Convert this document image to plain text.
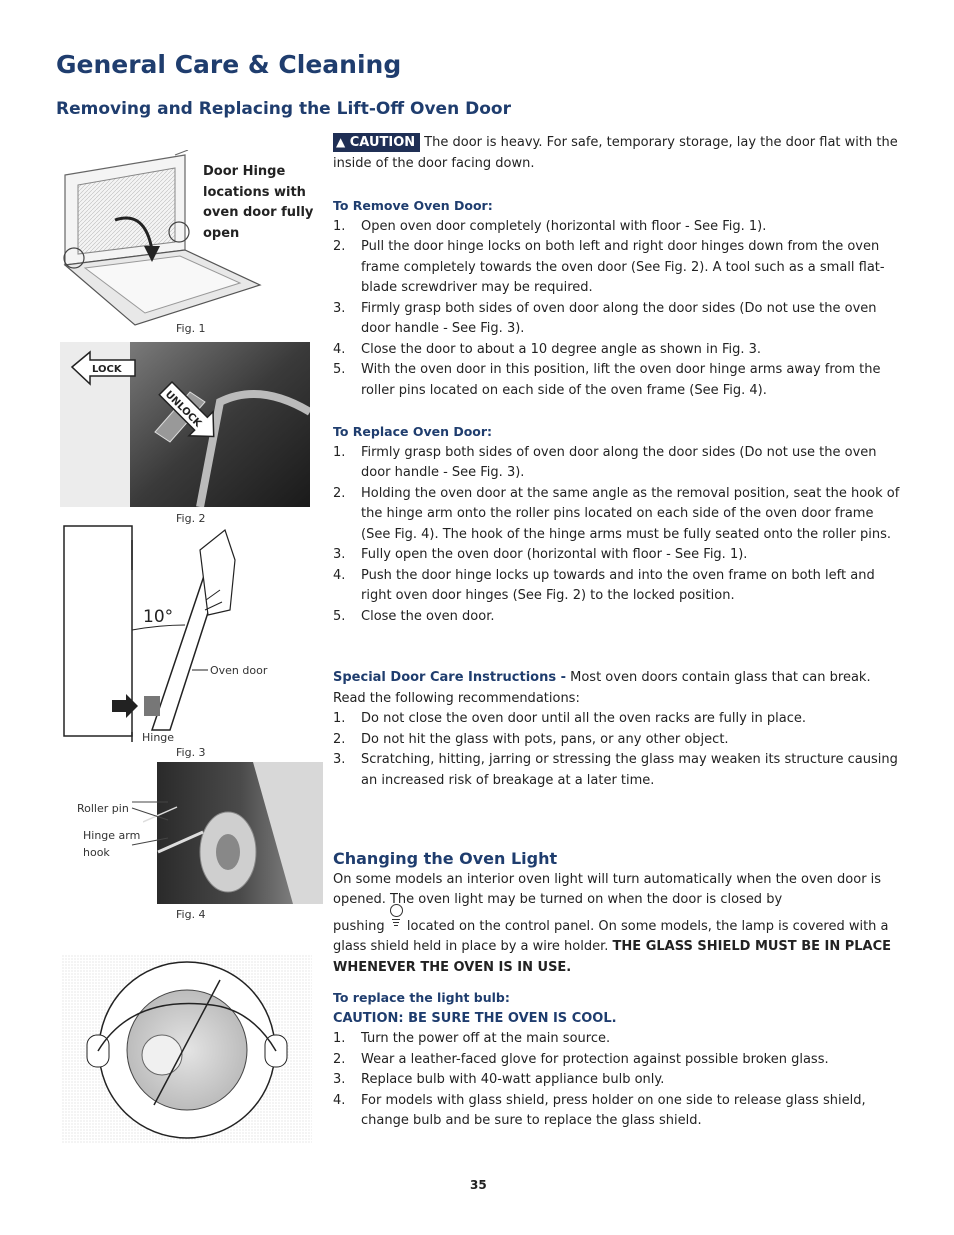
General Care & Cleaning
Removing and Replacing the Lift-Off Oven Door
Door Hinge locations with oven door fully open
Fig. 1
LOCK
UNLOCK
Fig. 2
10°
Oven door
Hinge
Fig. 3
Roller pin
Hinge arm
hook
Fig. 4
▲ CAUTION The door is heavy. For safe, temporary storage, lay the door flat with the inside of the door facing down.
To Remove Oven Door:
1. Open oven door completely (horizontal with floor - See Fig. 1).
2. Pull the door hinge locks on both left and right door hinges down from the oven frame completely towards the oven door (See Fig. 2). A tool such as a small flat-blade screwdriver may be required.
3. Firmly grasp both sides of oven door along the door sides (Do not use the oven door handle - See Fig. 3).
4. Close the door to about a 10 degree angle as shown in Fig. 3.
5. With the oven door in this position, lift the oven door hinge arms away from the roller pins located on each side of the oven frame (See Fig. 4).
To Replace Oven Door:
1. Firmly grasp both sides of oven door along the door sides (Do not use the oven door handle - See Fig. 3).
2. Holding the oven door at the same angle as the removal position, seat the hook of the hinge arm onto the roller pins located on each side of the oven door frame (See Fig. 4). The hook of the hinge arms must be fully seated onto the roller pins.
3. Fully open the oven door (horizontal with floor - See Fig. 1).
4. Push the door hinge locks up towards and into the oven frame on both left and right oven door hinges (See Fig. 2) to the locked position.
5. Close the oven door.
Special Door Care Instructions - Most oven doors contain glass that can break. Read the following recommendations:
1. Do not close the oven door until all the oven racks are fully in place.
2. Do not hit the glass with pots, pans, or any other object.
3. Scratching, hitting, jarring or stressing the glass may weaken its structure causing an increased risk of breakage at a later time.
Changing the Oven Light
On some models an interior oven light will turn automatically when the oven door is opened. The oven light may be turned on when the door is closed by
pushing
located on the control panel. On some models, the lamp is covered with a glass shield held in place by a wire holder. THE GLASS SHIELD MUST BE IN PLACE WHENEVER THE OVEN IS IN USE.
To replace the light bulb:
CAUTION: BE SURE THE OVEN IS COOL.
1. Turn the power off at the main source.
2. Wear a leather-faced glove for protection against possible broken glass.
3. Replace bulb with 40-watt appliance bulb only.
4. For models with glass shield, press holder on one side to release glass shield, change bulb and be sure to replace the glass shield.
35
